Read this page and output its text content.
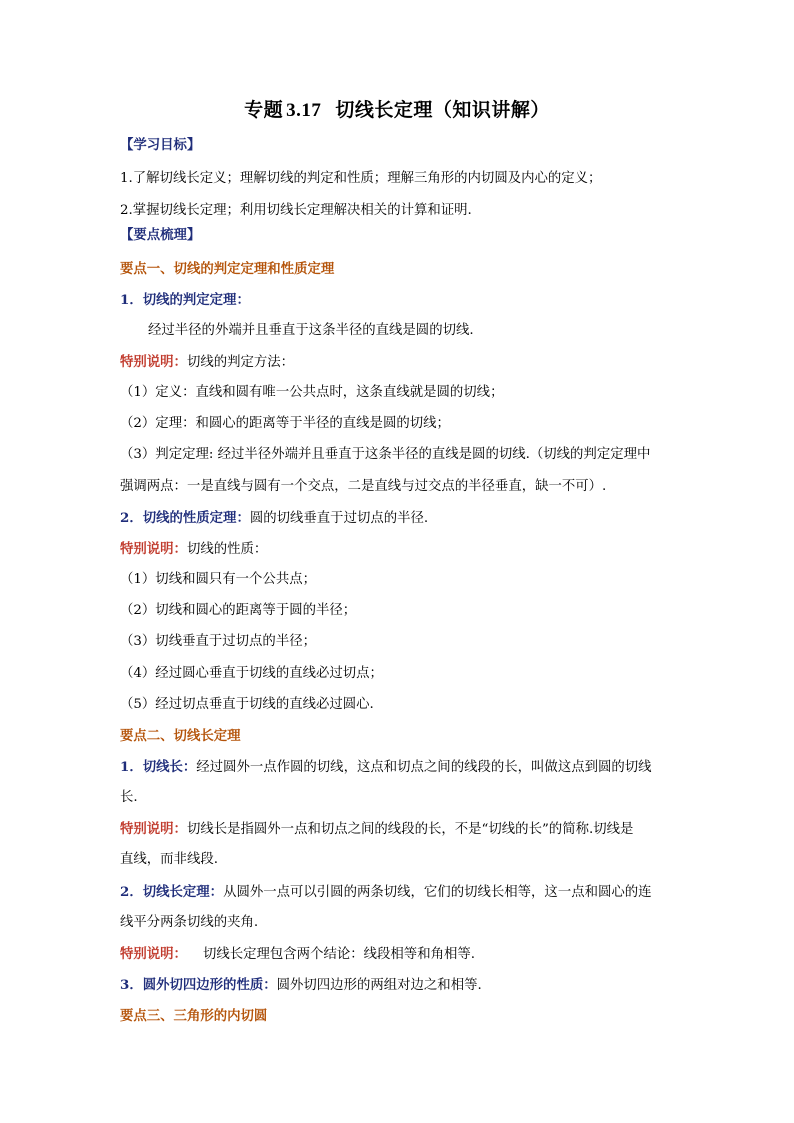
专题 3.17 切线长定理（知识讲解）
【学习目标】
1.了解切线长定义；理解切线的判定和性质；理解三角形的内切圆及内心的定义；
2.掌握切线长定理；利用切线长定理解决相关的计算和证明.
【要点梳理】
要点一、切线的判定定理和性质定理
1．切线的判定定理：
经过半径的外端并且垂直于这条半径的直线是圆的切线.
特别说明：切线的判定方法：
（1）定义：直线和圆有唯一公共点时，这条直线就是圆的切线；
（2）定理：和圆心的距离等于半径的直线是圆的切线；
（3）判定定理: 经过半径外端并且垂直于这条半径的直线是圆的切线.（切线的判定定理中
强调两点：一是直线与圆有一个交点，二是直线与过交点的半径垂直，缺一不可）.
2．切线的性质定理：圆的切线垂直于过切点的半径.
特别说明：切线的性质：
（1）切线和圆只有一个公共点；
（2）切线和圆心的距离等于圆的半径；
（3）切线垂直于过切点的半径；
（4）经过圆心垂直于切线的直线必过切点；
（5）经过切点垂直于切线的直线必过圆心.
要点二、切线长定理
1．切线长：经过圆外一点作圆的切线，这点和切点之间的线段的长，叫做这点到圆的切线
长.
特别说明：切线长是指圆外一点和切点之间的线段的长，不是“切线的长”的简称.切线是
直线，而非线段.
2．切线长定理：从圆外一点可以引圆的两条切线，它们的切线长相等，这一点和圆心的连
线平分两条切线的夹角.
特别说明： 切线长定理包含两个结论：线段相等和角相等.
3．圆外切四边形的性质：圆外切四边形的两组对边之和相等.
要点三、三角形的内切圆
